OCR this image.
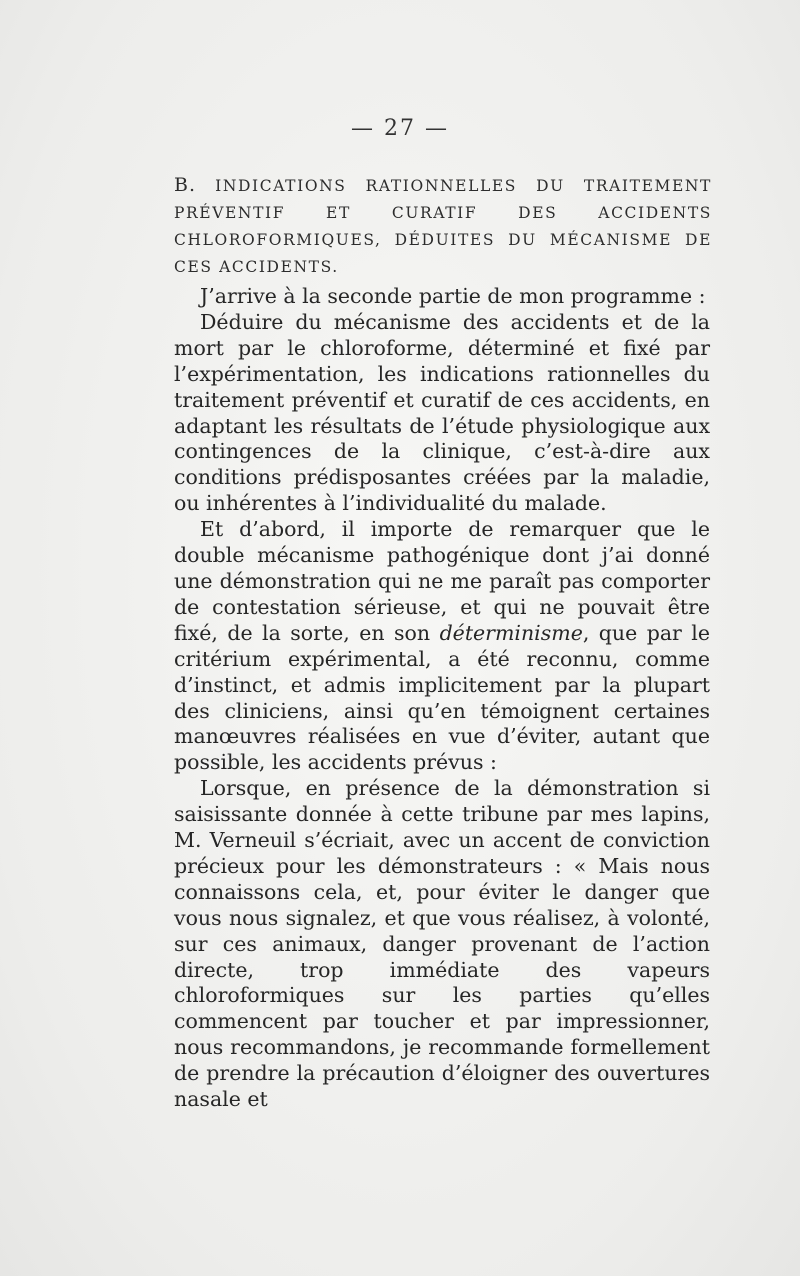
— 27 —
B. INDICATIONS RATIONNELLES DU TRAITEMENT PRÉVENTIF ET CURATIF DES ACCIDENTS CHLOROFORMIQUES, DÉDUITES DU MÉCANISME DE CES ACCIDENTS.

J’arrive à la seconde partie de mon programme :

Déduire du mécanisme des accidents et de la mort par le chloroforme, déterminé et fixé par l’expérimentation, les indications rationnelles du traitement préventif et curatif de ces accidents, en adaptant les résultats de l’étude physiologique aux contingences de la clinique, c’est-à-dire aux conditions prédisposantes créées par la maladie, ou inhérentes à l’individualité du malade.

Et d’abord, il importe de remarquer que le double mécanisme pathogénique dont j’ai donné une démonstration qui ne me paraît pas comporter de contestation sérieuse, et qui ne pouvait être fixé, de la sorte, en son déterminisme, que par le critérium expérimental, a été reconnu, comme d’instinct, et admis implicitement par la plupart des cliniciens, ainsi qu’en témoignent certaines manœuvres réalisées en vue d’éviter, autant que possible, les accidents prévus :

Lorsque, en présence de la démonstration si saisissante donnée à cette tribune par mes lapins, M. Verneuil s’écriait, avec un accent de conviction précieux pour les démonstrateurs : « Mais nous connaissons cela, et, pour éviter le danger que vous nous signalez, et que vous réalisez, à volonté, sur ces animaux, danger provenant de l’action directe, trop immédiate des vapeurs chloroformiques sur les parties qu’elles commencent par toucher et par impressionner, nous recommandons, je recommande formellement de prendre la précaution d’éloigner des ouvertures nasale et
